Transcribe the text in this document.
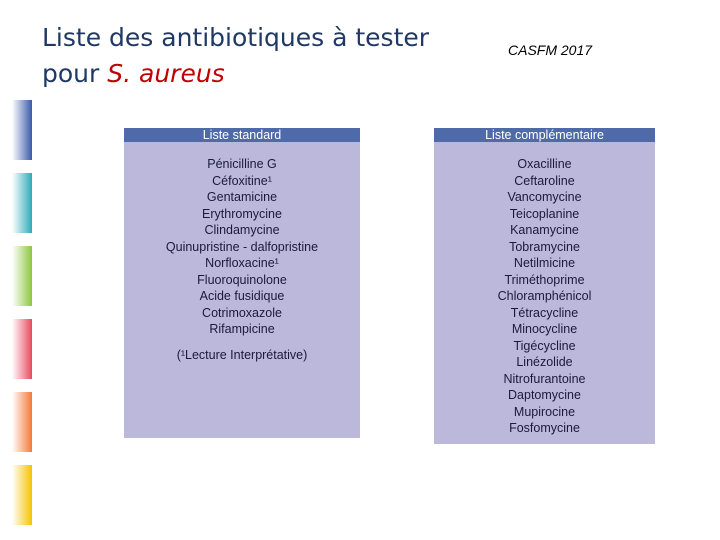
Liste des antibiotiques à tester
pour S. aureus
CASFM 2017
Liste standard
Pénicilline G
Céfoxitine¹
Gentamicine
Erythromycine
Clindamycine
Quinupristine - dalfopristine
Norfloxacine¹
Fluoroquinolone
Acide fusidique
Cotrimoxazole
Rifampicine
(¹Lecture Interprétative)
Liste complémentaire
Oxacilline
Ceftaroline
Vancomycine
Teicoplanine
Kanamycine
Tobramycine
Netilmicine
Triméthoprime
Chloramphénicol
Tétracycline
Minocycline
Tigécycline
Linézolide
Nitrofurantoine
Daptomycine
Mupirocine
Fosfomycine
